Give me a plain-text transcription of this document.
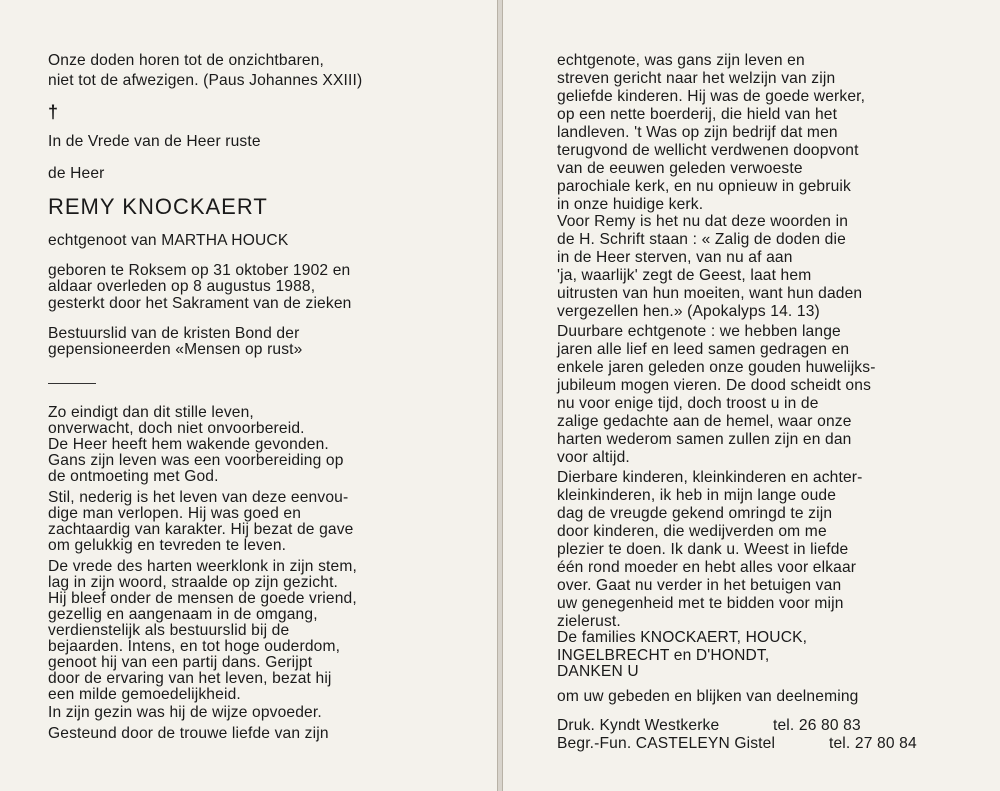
Onze doden horen tot de onzichtbaren,
niet tot de afwezigen. (Paus Johannes XXIII)
†
In de Vrede van de Heer ruste
de Heer
REMY KNOCKAERT
echtgenoot van MARTHA HOUCK
geboren te Roksem op 31 oktober 1902 en
aldaar overleden op 8 augustus 1988,
gesterkt door het Sakrament van de zieken
Bestuurslid van de kristen Bond der
gepensioneerden «Mensen op rust»
Zo eindigt dan dit stille leven,
onverwacht, doch niet onvoorbereid.
De Heer heeft hem wakende gevonden.
Gans zijn leven was een voorbereiding op
de ontmoeting met God.
Stil, nederig is het leven van deze eenvou-
dige man verlopen. Hij was goed en
zachtaardig van karakter. Hij bezat de gave
om gelukkig en tevreden te leven.
De vrede des harten weerklonk in zijn stem,
lag in zijn woord, straalde op zijn gezicht.
Hij bleef onder de mensen de goede vriend,
gezellig en aangenaam in de omgang,
verdienstelijk als bestuurslid bij de
bejaarden. Intens, en tot hoge ouderdom,
genoot hij van een partij dans. Gerijpt
door de ervaring van het leven, bezat hij
een milde gemoedelijkheid.
In zijn gezin was hij de wijze opvoeder.
Gesteund door de trouwe liefde van zijn
echtgenote, was gans zijn leven en
streven gericht naar het welzijn van zijn
geliefde kinderen. Hij was de goede werker,
op een nette boerderij, die hield van het
landleven. 't Was op zijn bedrijf dat men
terugvond de wellicht verdwenen doopvont
van de eeuwen geleden verwoeste
parochiale kerk, en nu opnieuw in gebruik
in onze huidige kerk.
Voor Remy is het nu dat deze woorden in
de H. Schrift staan : « Zalig de doden die
in de Heer sterven, van nu af aan
'ja, waarlijk' zegt de Geest, laat hem
uitrusten van hun moeiten, want hun daden
vergezellen hen.» (Apokalyps 14. 13)
Duurbare echtgenote : we hebben lange
jaren alle lief en leed samen gedragen en
enkele jaren geleden onze gouden huwelijks-
jubileum mogen vieren. De dood scheidt ons
nu voor enige tijd, doch troost u in de
zalige gedachte aan de hemel, waar onze
harten wederom samen zullen zijn en dan
voor altijd.
Dierbare kinderen, kleinkinderen en achter-
kleinkinderen, ik heb in mijn lange oude
dag de vreugde gekend omringd te zijn
door kinderen, die wedijverden om me
plezier te doen. Ik dank u. Weest in liefde
één rond moeder en hebt alles voor elkaar
over. Gaat nu verder in het betuigen van
uw genegenheid met te bidden voor mijn
zielerust.
De families KNOCKAERT, HOUCK,
INGELBRECHT en D'HONDT,
DANKEN U
om uw gebeden en blijken van deelneming
Druk. Kyndt Westkerke	tel. 26 80 83
Begr.-Fun. CASTELEYN Gistel	tel. 27 80 84
